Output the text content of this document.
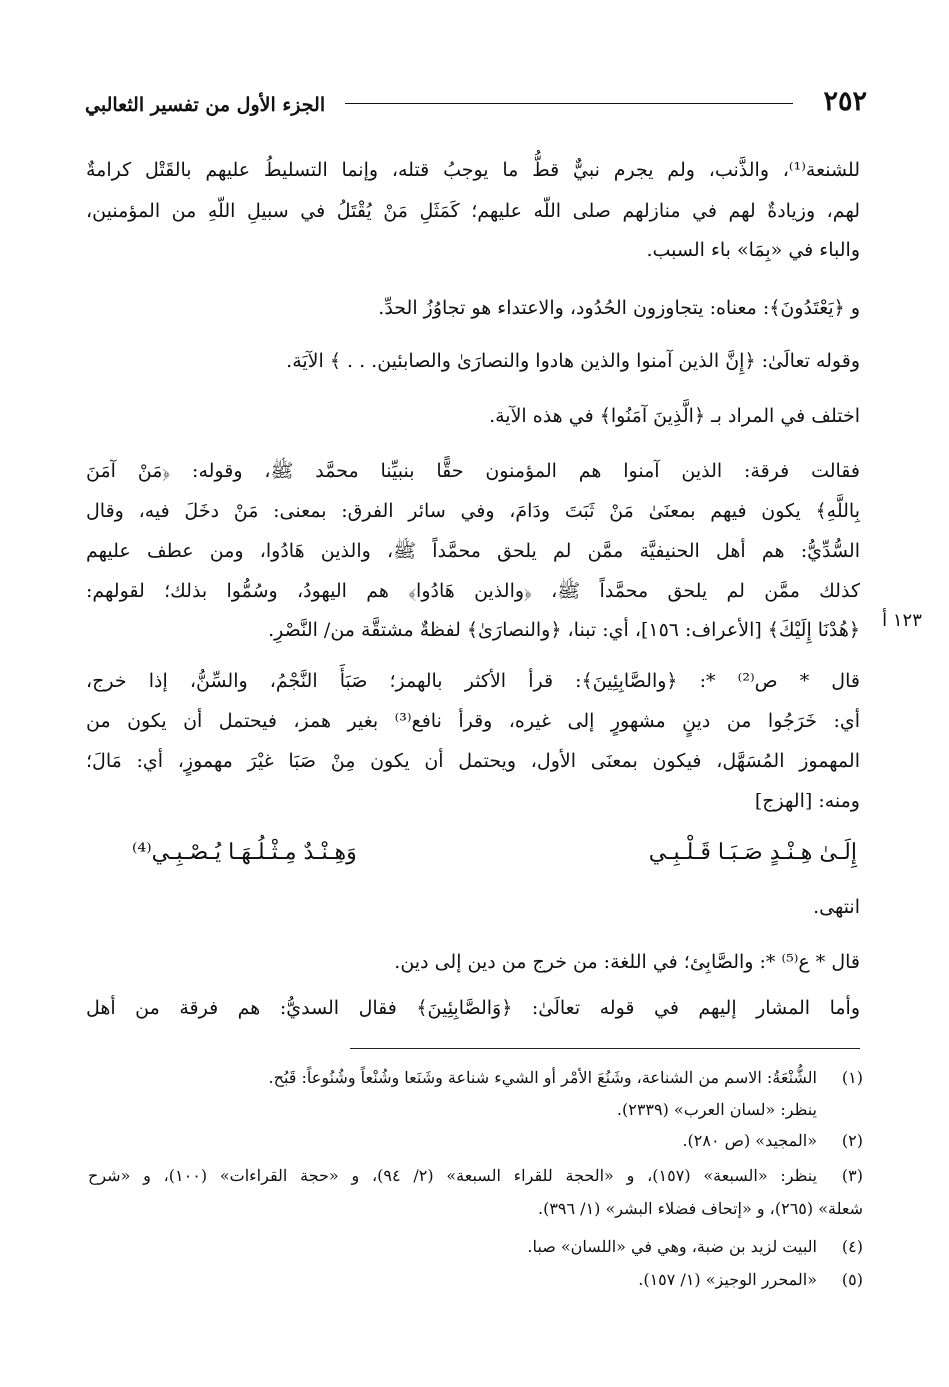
٢٥٢
الجزء الأول من تفسير الثعالبي
للشنعة⁽¹⁾، والذَّنب، ولم يجرم نبيٌّ قطُّ ما يوجبُ قتله، وإنما التسليطُ عليهم بالقَتْل كرامةٌ
لهم، وزيادةٌ لهم في منازلهم صلى اللّه عليهم؛ كَمَثَلِ مَنْ يُقْتَلُ في سبيلِ اللّهِ من المؤمنين،
والباء في «بِمَا» باء السبب.
و ﴿يَعْتَدُونَ﴾: معناه: يتجاوزون الحُدُود، والاعتداء هو تجاوُزُ الحدِّ.
وقوله تعالَىٰ: ﴿إِنَّ الذين آمنوا والذين هادوا والنصارَىٰ والصابئين. . . ﴾ الآيَة.
اختلف في المراد بـ ﴿الَّذِينَ آمَنُوا﴾ في هذه الآية.
فقالت فرقة: الذين آمنوا هم المؤمنون حقًّا بنبيِّنا محمَّد ﷺ، وقوله: ﴿مَنْ آمَنَ
بِاللَّهِ﴾ يكون فيهم بمعنَىٰ مَنْ ثَبَتَ ودَامَ، وفي سائر الفرق: بمعنى: مَنْ دخَلَ فيه، وقال
السُّدِّيُّ: هم أهل الحنيفيَّة ممَّن لم يلحق محمَّداً ﷺ، والذين هَادُوا، ومن عطف عليهم
كذلك ممَّن لم يلحق محمَّداً ﷺ، ﴿والذين هَادُوا﴾ هم اليهودُ، وسُمُّوا بذلك؛ لقولهم:
﴿هُدْنَا إِلَيْكَ﴾ [الأعراف: ١٥٦]، أي: تبنا، ﴿والنصارَىٰ﴾ لفظةٌ مشتقَّة من/ النَّصْرِ.	١٢٣ أ
قال * ص⁽²⁾ *: ﴿والصَّابِئِينَ﴾: قرأ الأكثر بالهمز؛ صَبَأَ النَّجْمُ، والسِّنُّ، إذا خرج،
أي: خَرَجُوا من دينٍ مشهورٍ إلى غيره، وقرأ نافع⁽³⁾ بغير همز، فيحتمل أن يكون من
المهموز المُسَهَّل، فيكون بمعنَى الأول، ويحتمل أن يكون مِنْ صَبَا غيْرَ مهموزٍ، أي: مَالَ؛
ومنه: [الهزج]
إِلَـىٰ هِـنْـدٍ صَـبَـا قَـلْـبِـي
وَهِـنْـدٌ مِـثْـلُـهَـا يُـصْـبِـي⁽⁴⁾
انتهى.
قال * ع⁽⁵⁾ *: والصَّابِئ؛ في اللغة: من خرج من دين إلى دين.
وأما المشار إليهم في قوله تعالَىٰ: ﴿وَالصَّابِئِينَ﴾ فقال السديُّ: هم فرقة من أهل
(١)
الشُّنْعَةُ: الاسم من الشناعة، وشَنُعَ الأمْر أو الشيء شناعة وشَنَعا وشُنْعاً وشُنُوعاً: قَبُح.
ينظر: «لسان العرب» (٢٣٣٩).
(٢)
«المجيد» (ص ٢٨٠).
(٣)
ينظر: «السبعة» (١٥٧)، و «الحجة للقراء السبعة» (٢/ ٩٤)، و «حجة القراءات» (١٠٠)، و «شرح
شعلة» (٢٦٥)، و «إتحاف فضلاء البشر» (١/ ٣٩٦).
(٤)
البيت لزيد بن ضبة، وهي في «اللسان» صبا.
(٥)
«المحرر الوجيز» (١/ ١٥٧).
